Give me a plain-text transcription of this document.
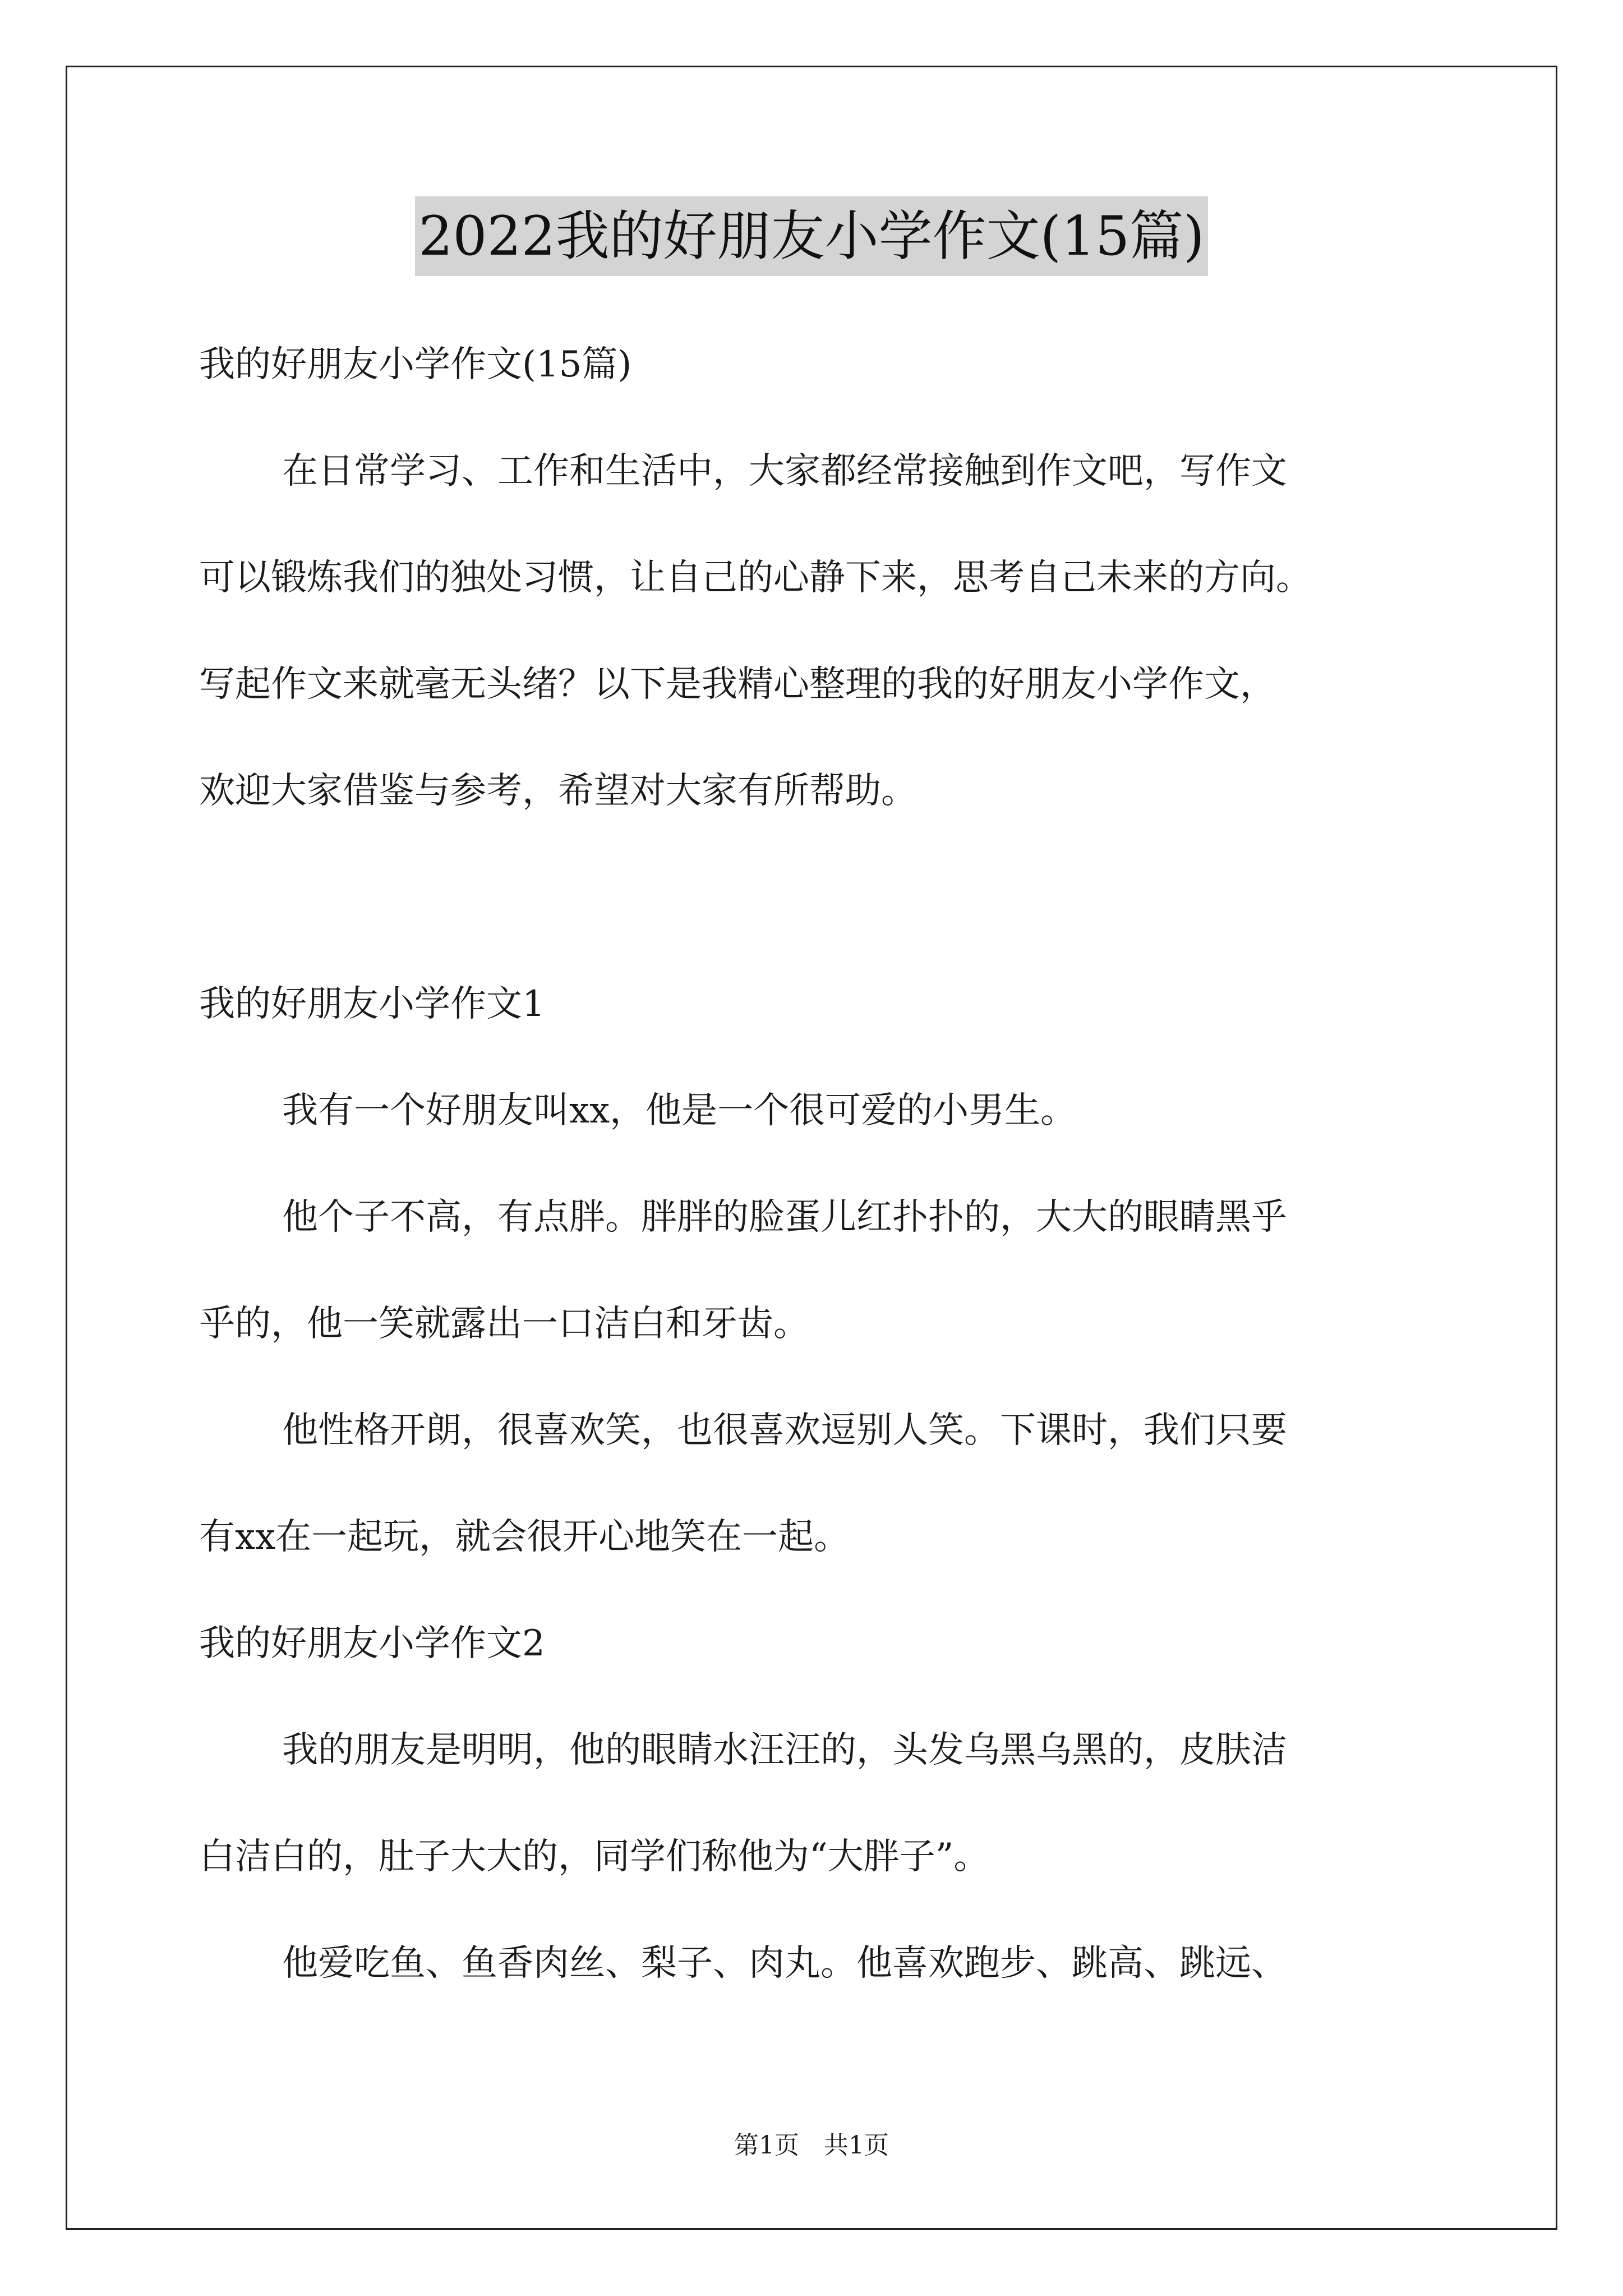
2022我的好朋友小学作文(15篇)
我的好朋友小学作文(15篇)
在日常学习、工作和生活中，大家都经常接触到作文吧，写作文
可以锻炼我们的独处习惯，让自己的心静下来，思考自己未来的方向。
写起作文来就毫无头绪？以下是我精心整理的我的好朋友小学作文，
欢迎大家借鉴与参考，希望对大家有所帮助。
我的好朋友小学作文1
我有一个好朋友叫xx，他是一个很可爱的小男生。
他个子不高，有点胖。胖胖的脸蛋儿红扑扑的，大大的眼睛黑乎
乎的，他一笑就露出一口洁白和牙齿。
他性格开朗，很喜欢笑，也很喜欢逗别人笑。下课时，我们只要
有xx在一起玩，就会很开心地笑在一起。
我的好朋友小学作文2
我的朋友是明明，他的眼睛水汪汪的，头发乌黑乌黑的，皮肤洁
白洁白的，肚子大大的，同学们称他为“大胖子”。
他爱吃鱼、鱼香肉丝、梨子、肉丸。他喜欢跑步、跳高、跳远、
第1页 共1页
